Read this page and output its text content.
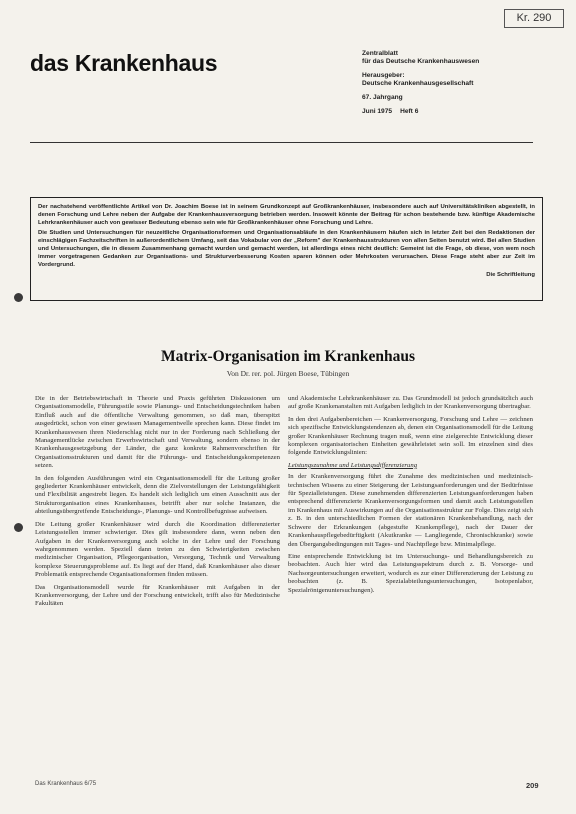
Kr. 290
das Krankenhaus	Zentralblatt
für das Deutsche Krankenhauswesen
Herausgeber:
Deutsche Krankenhausgesellschaft
67. Jahrgang
Juni 1975 Heft 6

Der nachstehend veröffentlichte Artikel von Dr. Joachim Boese ist in seinem Grundkonzept auf Großkrankenhäuser, insbesondere auch auf Universitätskliniken abgestellt, in denen Forschung und Lehre neben der Aufgabe der Krankenhausversorgung betrieben werden. Insoweit könnte der Beitrag für schon bestehende bzw. künftige Akademische Lehrkrankenhäuser auch von gewisser Bedeutung ebenso sein wie für Großkrankenhäuser ohne Forschung und Lehre.

Die Studien und Untersuchungen für neuzeitliche Organisationsformen und Organisationsabläufe in den Krankenhäusern häufen sich in letzter Zeit bei den Redaktionen der einschlägigen Fachzeitschriften in außerordentlichem Umfang, seit das Vokabular von der „Reform" der Krankenhausstrukturen von allen Seiten benutzt wird. Bei allen Studien und Untersuchungen, die in diesem Zusammenhang gemacht wurden und gemacht werden, ist allerdings eines nicht deutlich: Gemeint ist die Frage, ob diese, von wem noch immer vorgetragenen Gedanken zur Organisations- und Strukturverbesserung Kosten sparen können oder Mehrkosten verursachen. Diese Frage steht aber zur Zeit im Vordergrund.

Die Schriftleitung

Matrix-Organisation im Krankenhaus
Von Dr. rer. pol. Jürgen Boese, Tübingen

Die in der Betriebswirtschaft in Theorie und Praxis geführten Diskussionen um Organisationsmodelle, Führungsstile sowie Planungs- und Entscheidungstechniken haben Einfluß auch auf die öffentliche Verwaltung genommen, so daß man, überspitzt ausgedrückt, schon von einer gewissen Managementwelle sprechen kann. Diese findet im Krankenhauswesen ihren Niederschlag nicht nur in der Forderung nach Schließung der Managementlücke zwischen Erwerbswirtschaft und Verwaltung, sondern ebenso in der Krankenhausgesetzgebung der Länder, die ganz konkrete Rahmenvorschriften für Organisationsstrukturen und damit für die Führungs- und Entscheidungskompetenzen setzen.

In den folgenden Ausführungen wird ein Organisationsmodell für die Leitung großer gegliederter Krankenhäuser entwickelt, denn die Zielvorstellungen der Leistungsfähigkeit und Flexibilität angestrebt liegen. Es handelt sich lediglich um einen Ausschnitt aus der Strukturorganisation eines Krankenhauses, betrifft aber nur solche Instanzen, die abteilungsübergreifende Entscheidungs-, Planungs- und Kontrollbefugnisse aufweisen.

Die Leitung großer Krankenhäuser wird durch die Koordination differenzierter Leistungsstellen immer schwieriger. Dies gilt insbesondere dann, wenn neben den Aufgaben in der Krankenversorgung auch solche in der Lehre und der Forschung wahrgenommen werden. Speziell dann treten zu den Schwierigkeiten zwischen medizinischer Organisation, Pflegeorganisation, Versorgung, Technik und Verwaltung komplexe Steuerungsprobleme auf. Es liegt auf der Hand, daß Krankenhäuser also dieser Problematik entsprechende Organisationsformen finden müssen.

Das Organisationsmodell wurde für Krankenhäuser mit Aufgaben in der Krankenversorgung, der Lehre und der Forschung entwickelt, trifft also für Medizinische Fakultäten

und Akademische Lehrkrankenhäuser zu. Das Grundmodell ist jedoch grundsätzlich auch auf große Krankenanstalten mit Aufgaben lediglich in der Krankenversorgung übertragbar.

In den drei Aufgabenbereichen — Krankenversorgung, Forschung und Lehre — zeichnen sich spezifische Entwicklungstendenzen ab, denen ein Organisationsmodell für die Leitung großer Krankenhäuser Rechnung tragen muß, wenn eine zielgerechte Entwicklung dieser komplexen organisatorischen Einheiten gewährleistet sein soll. Im einzelnen sind dies folgende Entwicklungslinien:

Leistungszunahme und Leistungsdifferenzierung

In der Krankenversorgung führt die Zunahme des medizinischen und medizinisch-technischen Wissens zu einer Steigerung der Leistungsanforderungen und der Bedürfnisse für Spezialleistungen. Diese zunehmenden differenzierten Leistungsanforderungen haben entsprechend differenzierte Krankenversorgungsformen und damit auch Leistungsstellen im Krankenhaus mit Auswirkungen auf die Organisationsstruktur zur Folge. Dies zeigt sich z. B. in den unterschiedlichen Formen der stationären Krankenbehandlung, nach der Schwere der Erkrankungen (abgestufte Krankenpflege), nach der Dauer der Krankenhauspflegebedürftigkeit (Akutkranke — Langliegende, Chronischkranke) sowie den Übergangsbedingungen mit Tages- und Nachtpflege bzw. Minimalpflege.

Eine entsprechende Entwicklung ist im Untersuchungs- und Behandlungsbereich zu beobachten. Auch hier wird das Leistungsspektrum durch z. B. Vorsorge- und Nachsorgeuntersuchungen erweitert, wodurch es zur einer Differenzierung der Leistung zu beobachten (z. B. Spezialabteilungsuntersuchungen, Isotopenlabor, Spezialröntgenuntersuchungen).

Das Krankenhaus 6/75	209
